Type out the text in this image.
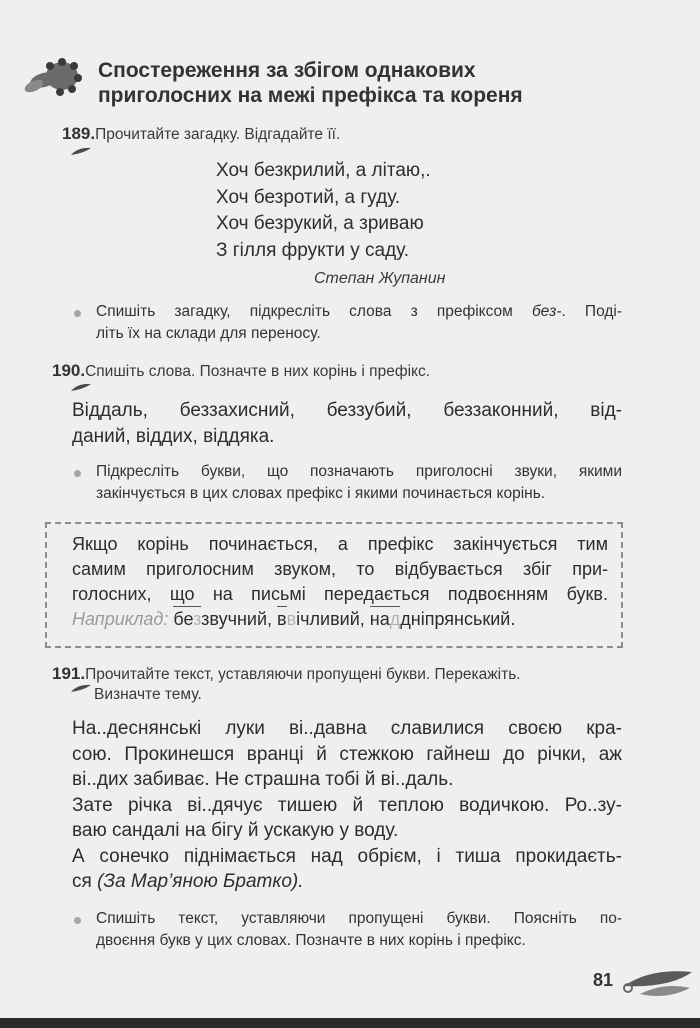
Спостереження за збігом однакових
приголосних на межі префікса та кореня
189.Прочитайте загадку. Відгадайте її.
Хоч безкрилий, а літаю,.
Хоч безротий, а гуду.
Хоч безрукий, а зриваю
З гілля фрукти у саду.
Степан Жупанин
Спишіть загадку, підкресліть слова з префіксом без-. Поді-
літь їх на склади для переносу.
190.Спишіть слова. Позначте в них корінь і префікс.
Віддаль, беззахисний, беззубий, беззаконний, від-
даний, віддих, віддяка.
Підкресліть букви, що позначають приголосні звуки, якими
закінчується в цих словах префікс і якими починається корінь.
Якщо корінь починається, а префікс закінчується тим
самим приголосним звуком, то відбувається збіг при-
голосних, що на письмі передається подвоєнням букв.
Наприклад: беззвучний, ввічливий, наддніпрянський.
191.Прочитайте текст, уставляючи пропущені букви. Перекажіть.
Визначте тему.
На..деснянські луки ві..давна славилися своєю кра-
сою. Прокинешся вранці й стежкою гайнеш до річки, аж
ві..дих забиває. Не страшна тобі й ві..даль.
Зате річка ві..дячує тишею й теплою водичкою. Ро..зу-
ваю сандалі на бігу й ускакую у воду.
А сонечко піднімається над обрієм, і тиша прокидаєть-
ся (За Мар’яною Братко).
Спишіть текст, уставляючи пропущені букви. Поясніть по-
двоєння букв у цих словах. Позначте в них корінь і префікс.
81
